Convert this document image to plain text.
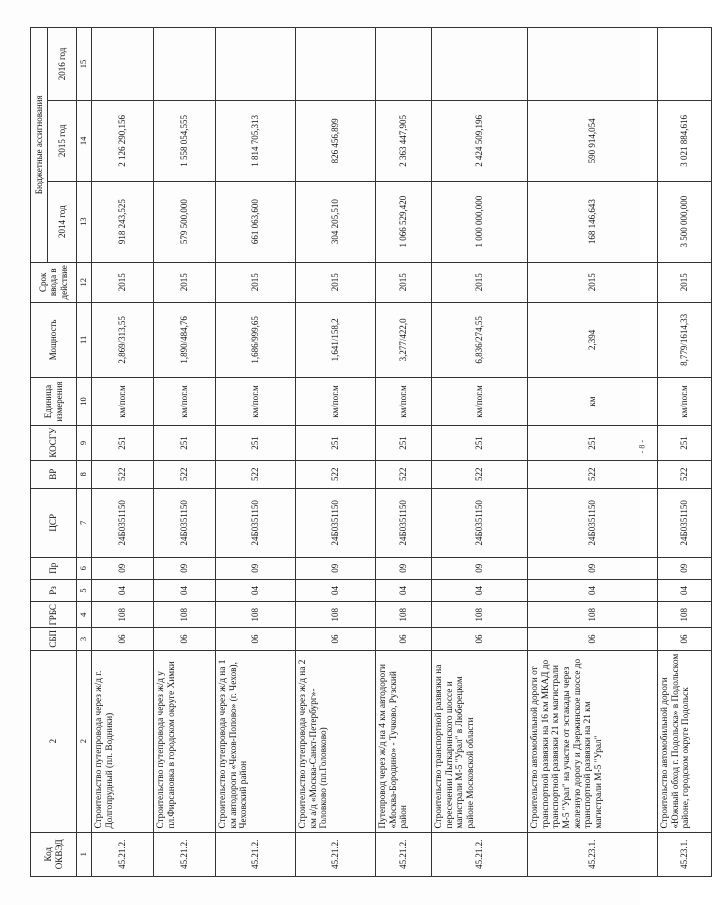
Код ОКВЭД	2	СБП	ГРБС	Рз	Пр	ЦСР	ВР	КОСГУ	Единица измерения	Мощность	Срок ввода в действие	Бюджетные ассигнования		
												2014 год	2015 год	2016 год
1	2	3	4	5	6	7	8	9	10	11	12	13	14	15
45.21.2.	Строительство путепровода через ж/д г. Долгопрудный (пл. Водники)	06	108	04	09	24Б0351150	522	251	км/пог.м	2,869/313,55	2015	918 243,525	2 126 290,156	
45.21.2.	Строительство путепровода через ж/д у пл.Фирсановка в городском округе Химки	06	108	04	09	24Б0351150	522	251	км/пог.м	1,890/484,76	2015	579 500,000	1 558 054,555	
45.21.2.	Строительство путепровода через ж/д на 1 км автодороги «Чехов-Попово» (г. Чехов), Чеховский район	06	108	04	09	24Б0351150	522	251	км/пог.м	1,686/999,65	2015	661 063,600	1 814 705,313	
45.21.2.	Строительство путепровода через ж/д на 2 км а/д «Москва-Санкт-Петербург»-Головково (пл.Головково)	06	108	04	09	24Б0351150	522	251	км/пог.м	1,641/158,2	2015	304 205,510	826 456,899	
45.21.2.	Путепровод через ж/д на 4 км автодороги «Москва-Бородино» - Тучково, Рузский район	06	108	04	09	24Б0351150	522	251	км/пог.м	3,277/422,0	2015	1 066 529,420	2 363 447,905	
45.21.2.	Строительство транспортной развязки на пересечении Лыткаринского шоссе и магистрали М-5 "Урал" в Люберецком районе Московской области	06	108	04	09	24Б0351150	522	251	км/пог.м	6,836/274,55	2015	1 000 000,000	2 424 509,196	
45.23.1.	Строительство автомобильной дороги от транспортной развязки на 16 км МКАД до транспортной развязки 21 км магистрали М-5 "Урал" на участке от эстакады через железную дорогу и Дзержинское шоссе до транспортной развязки на 21 км магистрали М-5 "Урал"	06	108	04	09	24Б0351150	522	251	км	2,394	2015	168 146,643	590 914,054	
45.23.1.	Строительство автомобильной дороги «Южный обход г. Подольска» в Подольском районе, городском округе Подольск	06	108	04	09	24Б0351150	522	251	км/пог.м	8,779/1614,33	2015	3 500 000,000	3 021 884,616	
- 8 -
